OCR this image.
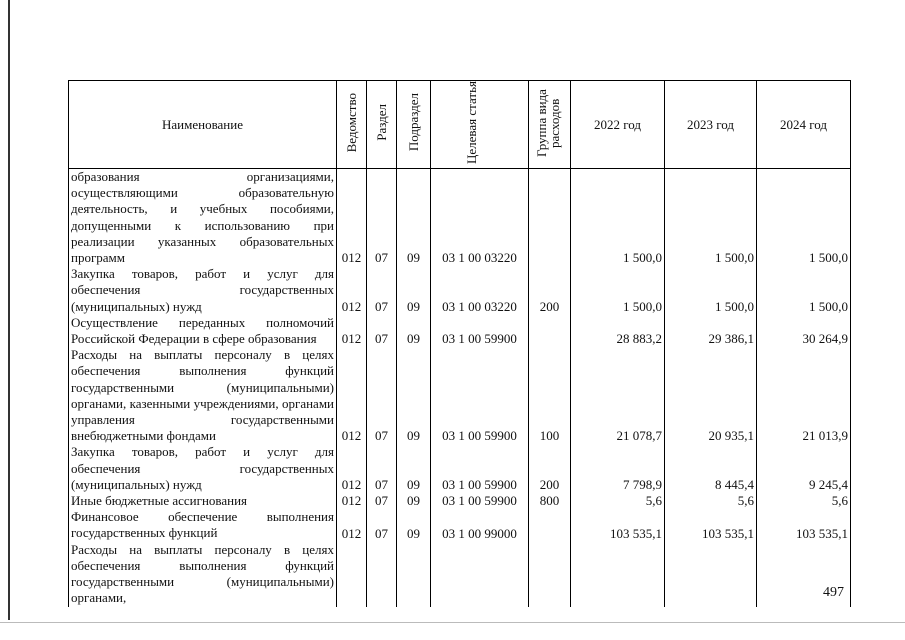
Наименование	Ведомство	Раздел	Подраздел	Целевая статья	Группа вида расходов	2022 год	2023 год	2024 год
образования организациями, осуществляющими образовательную деятельность, и учебных пособиями, допущенными к использованию при реализации указанных образовательных программ	012	07	09	03 1 00 03220		1 500,0	1 500,0	1 500,0
Закупка товаров, работ и услуг для обеспечения государственных (муниципальных) нужд	012	07	09	03 1 00 03220	200	1 500,0	1 500,0	1 500,0
Осуществление переданных полномочий Российской Федерации в сфере образования	012	07	09	03 1 00 59900		28 883,2	29 386,1	30 264,9
Расходы на выплаты персоналу в целях обеспечения выполнения функций государственными (муниципальными) органами, казенными учреждениями, органами управления государственными внебюджетными фондами	012	07	09	03 1 00 59900	100	21 078,7	20 935,1	21 013,9
Закупка товаров, работ и услуг для обеспечения государственных (муниципальных) нужд	012	07	09	03 1 00 59900	200	7 798,9	8 445,4	9 245,4
Иные бюджетные ассигнования	012	07	09	03 1 00 59900	800	5,6	5,6	5,6
Финансовое обеспечение выполнения государственных функций	012	07	09	03 1 00 99000		103 535,1	103 535,1	103 535,1
Расходы на выплаты персоналу в целях обеспечения выполнения функций государственными (муниципальными) органами,									497
